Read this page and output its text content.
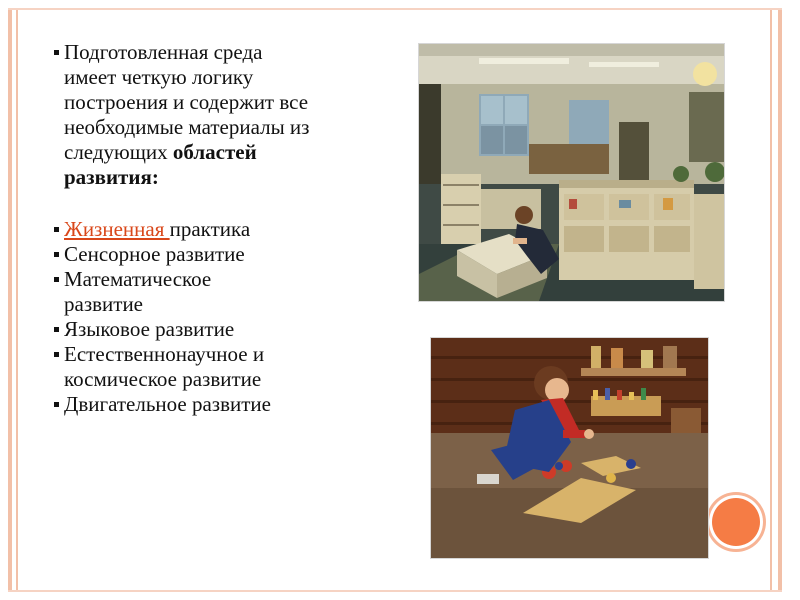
Подготовленная среда
имеет четкую логику
построения и содержит все
необходимые материалы из
следующих областей
развития:
Жизненная практика
Сенсорное развитие
Математическое
развитие
Языковое развитие
Естественнонаучное и
космическое развитие
Двигательное развитие
